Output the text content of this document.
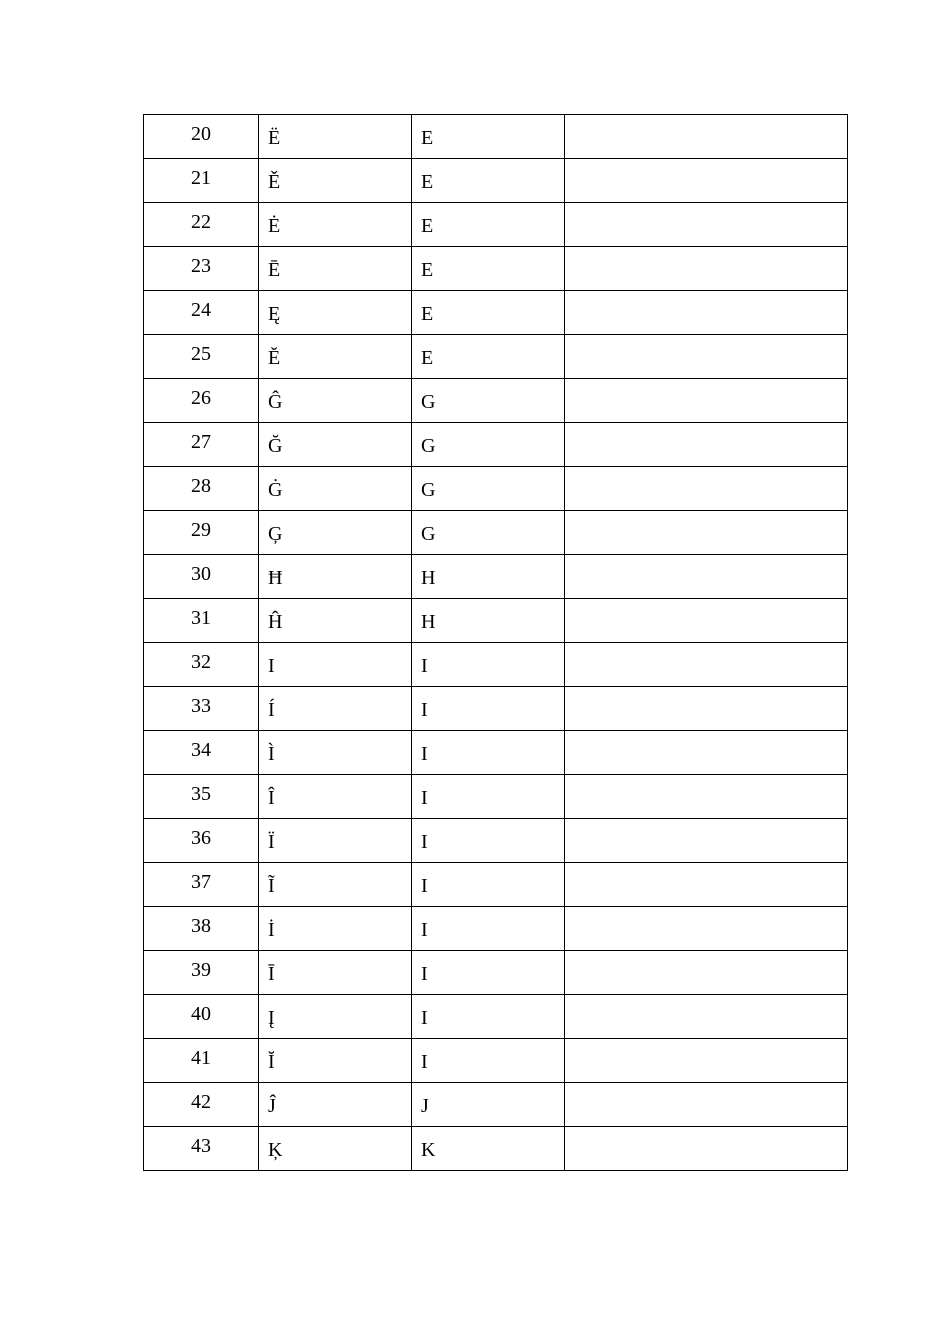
20	Ë	E	
21	Ě	E	
22	Ė	E	
23	Ē	E	
24	Ę	E	
25	Ĕ	E	
26	Ĝ	G	
27	Ğ	G	
28	Ġ	G	
29	Ģ	G	
30	Ħ	H	
31	Ĥ	H	
32	I	I	
33	Í	I	
34	Ì	I	
35	Î	I	
36	Ï	I	
37	Ĩ	I	
38	İ	I	
39	Ī	I	
40	Į	I	
41	Ĭ	I	
42	Ĵ	J	
43	Ķ	K	
